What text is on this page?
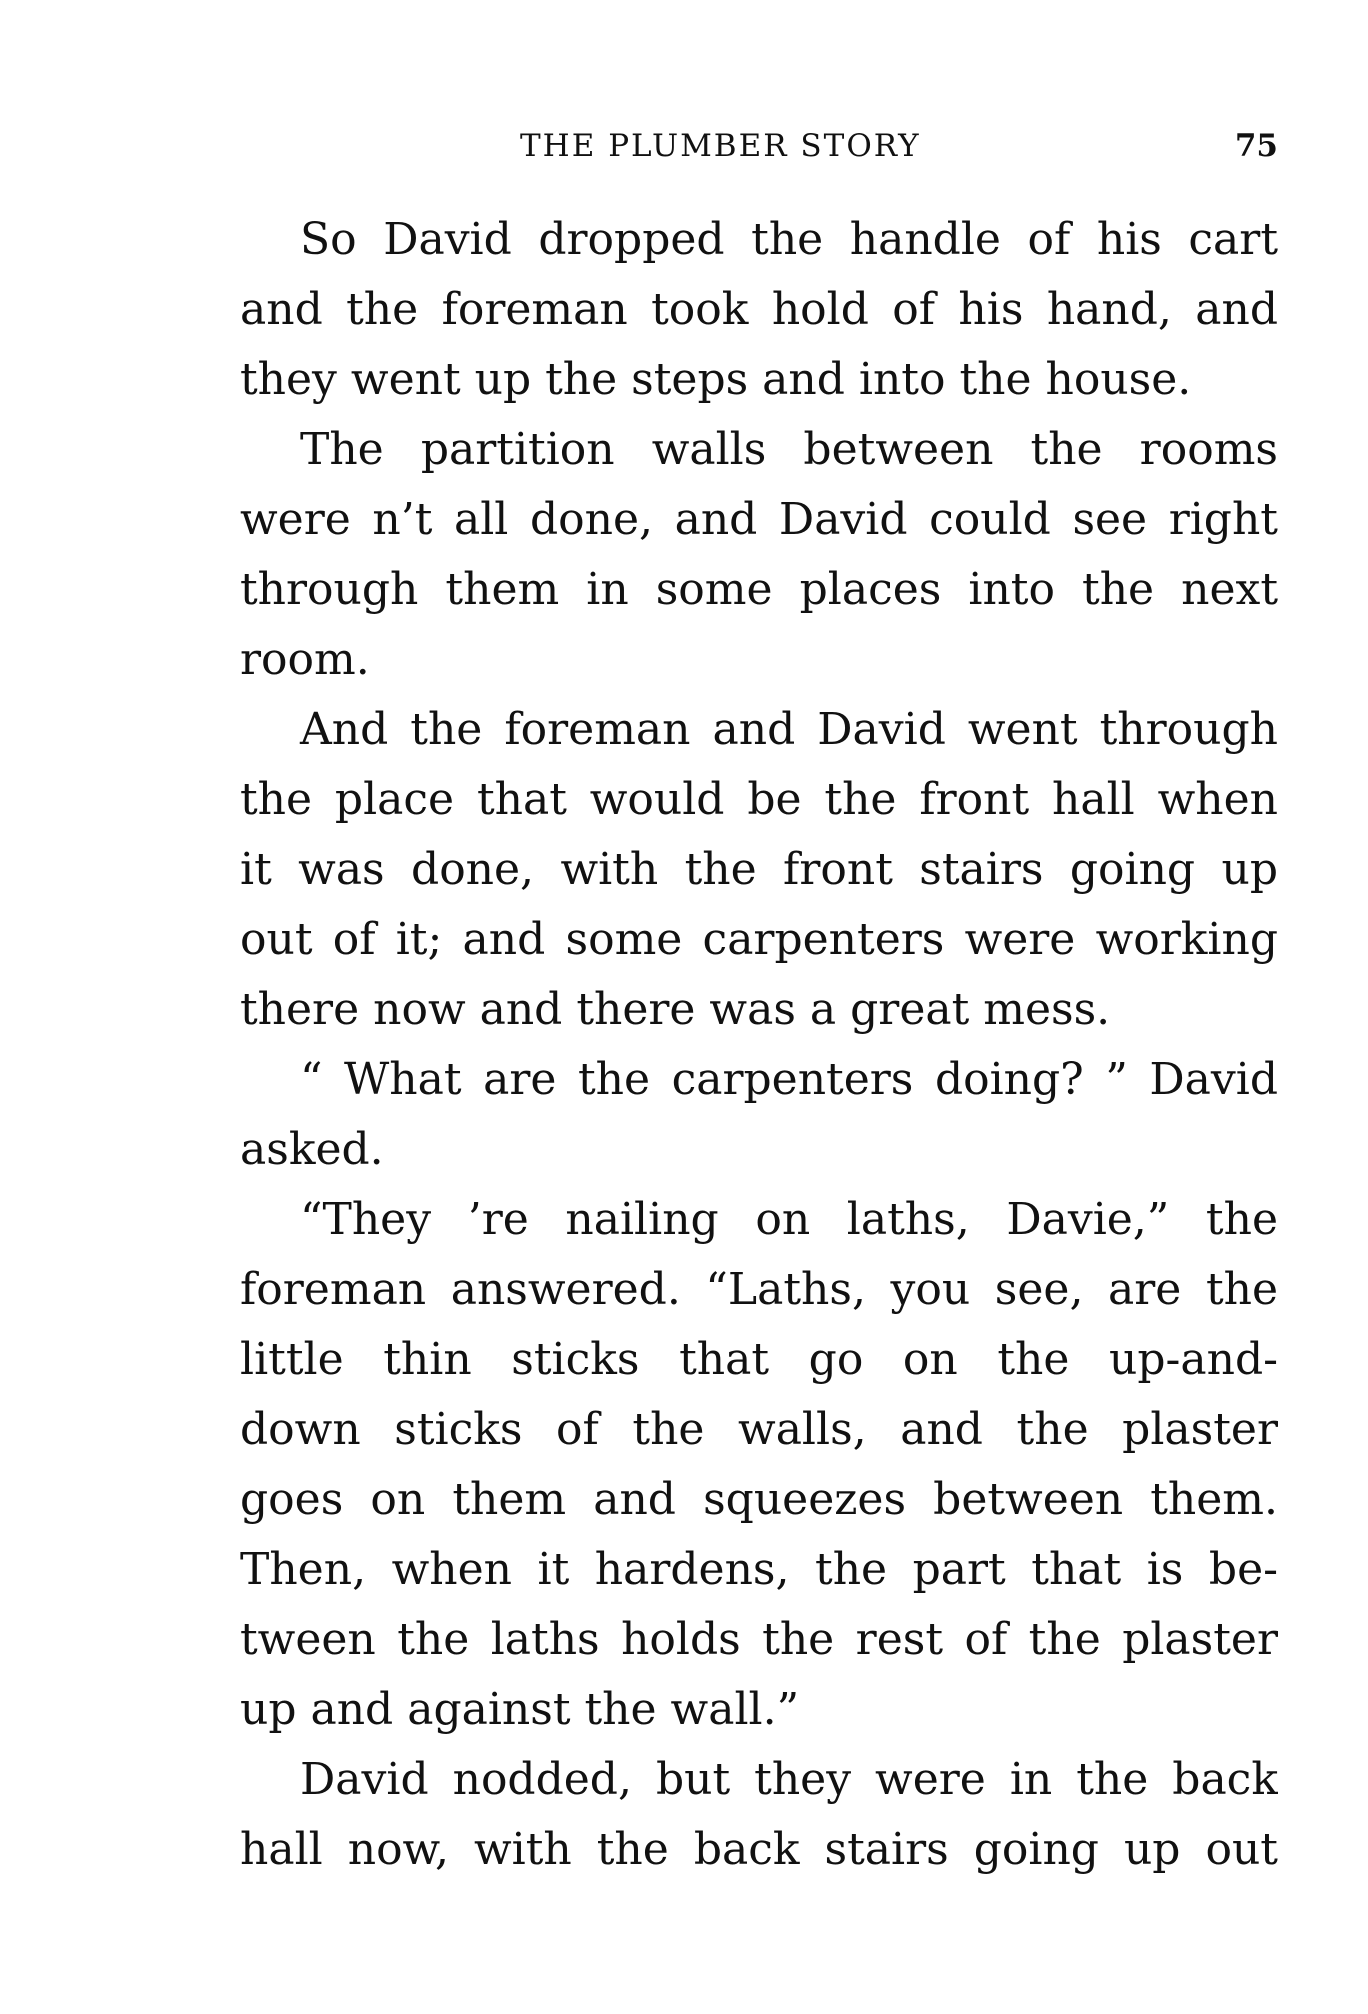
THE PLUMBER STORY	75
So David dropped the handle of his cart
and the foreman took hold of his hand, and
they went up the steps and into the house.
The partition walls between the rooms
were n’t all done, and David could see right
through them in some places into the next
room.
And the foreman and David went through
the place that would be the front hall when
it was done, with the front stairs going up
out of it; and some carpenters were working
there now and there was a great mess.
“ What are the carpenters doing? ” David
asked.
“They ’re nailing on laths, Davie,” the
foreman answered. “Laths, you see, are the
little thin sticks that go on the up-and-
down sticks of the walls, and the plaster
goes on them and squeezes between them.
Then, when it hardens, the part that is be-
tween the laths holds the rest of the plaster
up and against the wall.”
David nodded, but they were in the back
hall now, with the back stairs going up out
